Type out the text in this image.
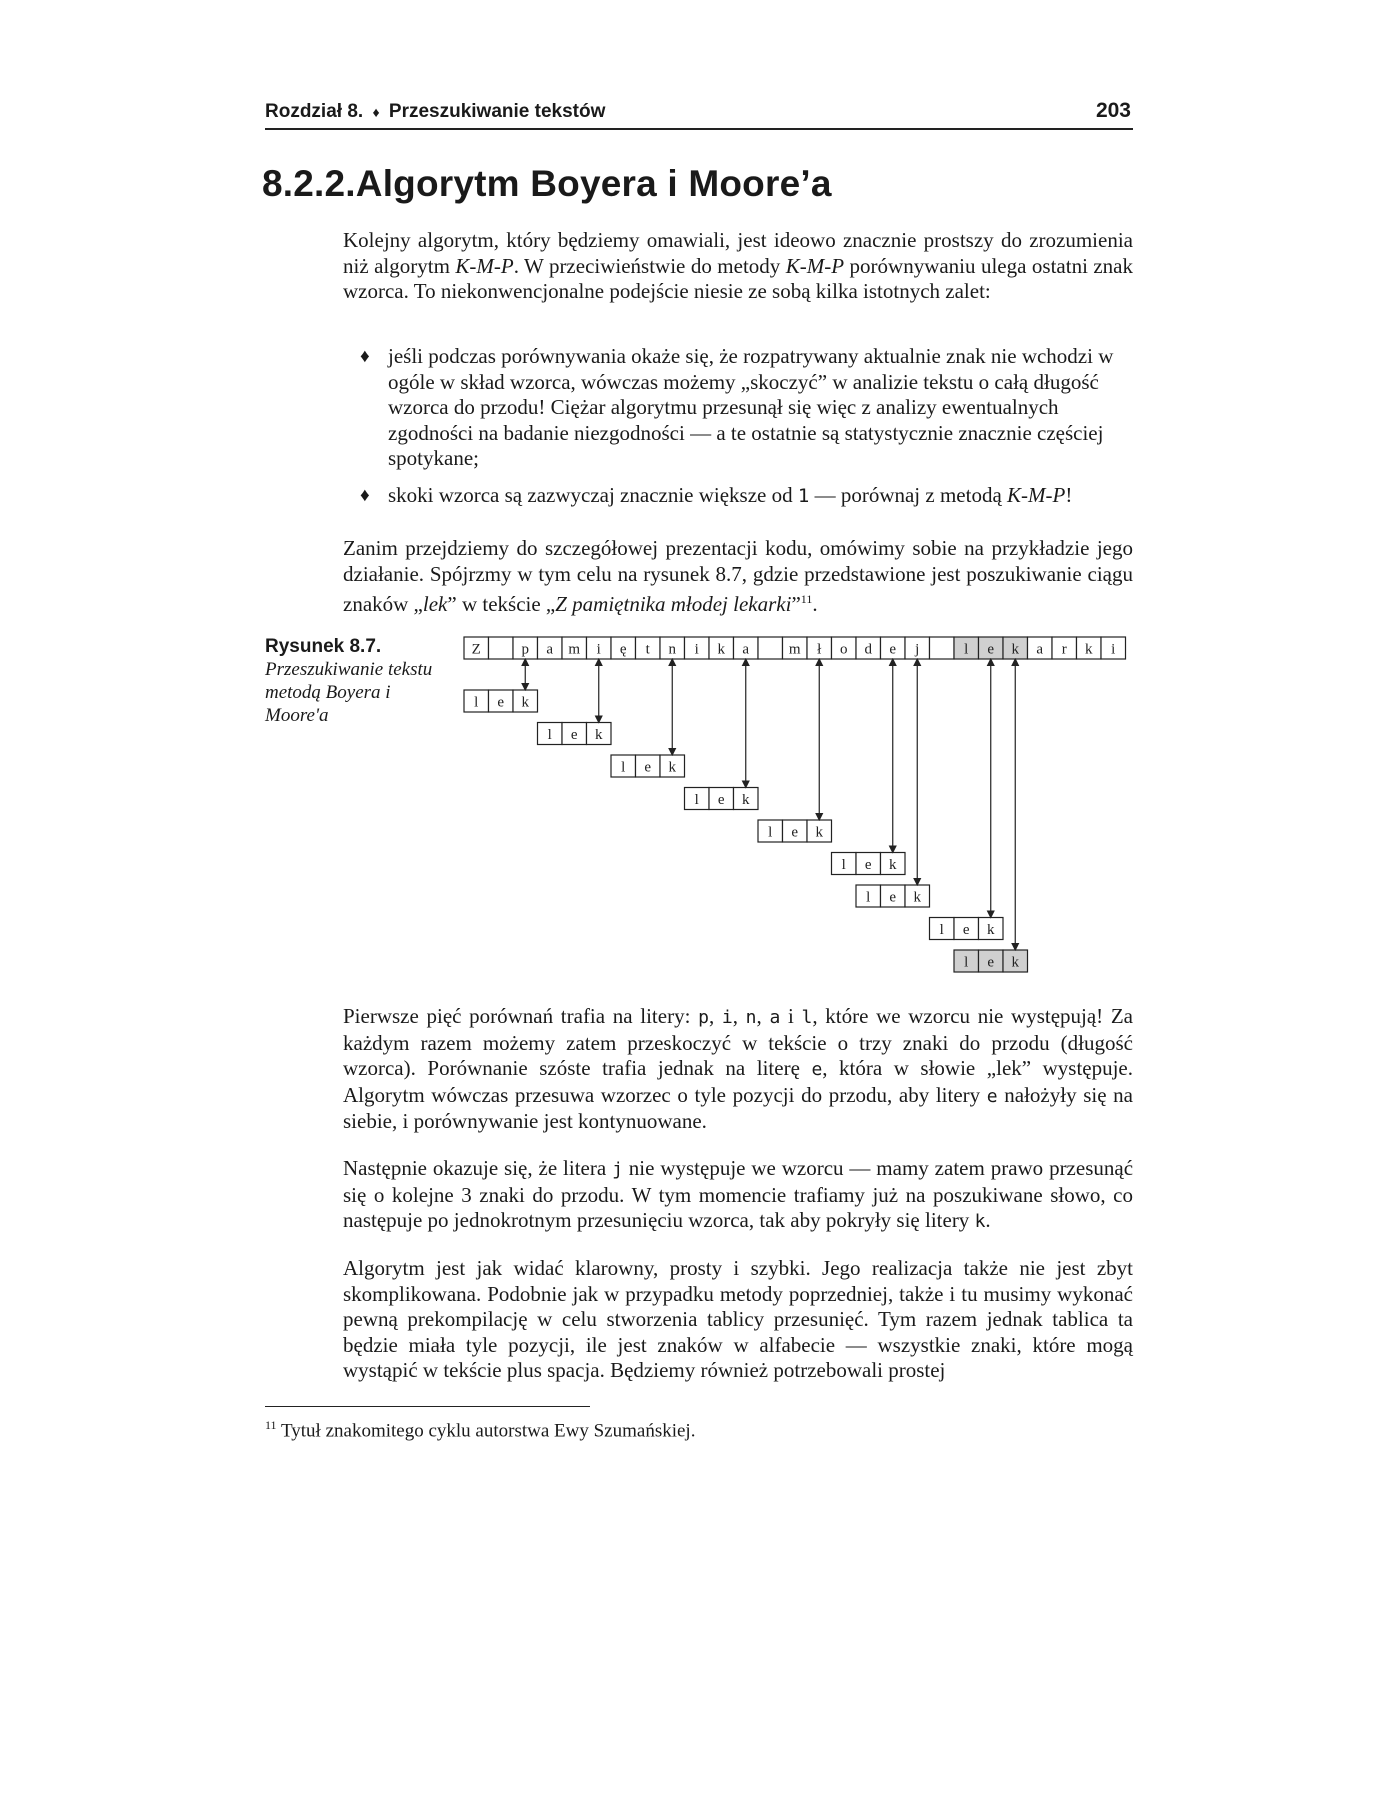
Rozdział 8. ♦ Przeszukiwanie tekstów	203
8.2.2.Algorytm Boyera i Moore’a

Kolejny algorytm, który będziemy omawiali, jest ideowo znacznie prostszy do zrozumienia niż algorytm K-M-P. W przeciwieństwie do metody K-M-P porównywaniu ulega ostatni znak wzorca. To niekonwencjonalne podejście niesie ze sobą kilka istotnych zalet:

♦ jeśli podczas porównywania okaże się, że rozpatrywany aktualnie znak nie wchodzi w ogóle w skład wzorca, wówczas możemy „skoczyć” w analizie tekstu o całą długość wzorca do przodu! Ciężar algorytmu przesunął się więc z analizy ewentualnych zgodności na badanie niezgodności — a te ostatnie są statystycznie znacznie częściej spotykane;
♦ skoki wzorca są zazwyczaj znacznie większe od 1 — porównaj z metodą K-M-P!

Zanim przejdziemy do szczegółowej prezentacji kodu, omówimy sobie na przykładzie jego działanie. Spójrzmy w tym celu na rysunek 8.7, gdzie przedstawione jest poszukiwanie ciągu znaków „lek” w tekście „Z pamiętnika młodej lekarki”$^{11}$.

Rysunek 8.7.
Przeszukiwanie tekstu metodą Boyera i Moore'a
Z	p a m i ę t n i k a	m ł o d e j	l e k a r k i
l e k
l e k
l e k
l e k
l e k
l e k
l e k
l e k
l e k

Pierwsze pięć porównań trafia na litery: p, i, n, a i l, które we wzorcu nie występują! Za każdym razem możemy zatem przeskoczyć w tekście o trzy znaki do przodu (długość wzorca). Porównanie szóste trafia jednak na literę e, która w słowie „lek” występuje. Algorytm wówczas przesuwa wzorzec o tyle pozycji do przodu, aby litery e nałożyły się na siebie, i porównywanie jest kontynuowane.

Następnie okazuje się, że litera j nie występuje we wzorcu — mamy zatem prawo przesunąć się o kolejne 3 znaki do przodu. W tym momencie trafiamy już na poszukiwane słowo, co następuje po jednokrotnym przesunięciu wzorca, tak aby pokryły się litery k.

Algorytm jest jak widać klarowny, prosty i szybki. Jego realizacja także nie jest zbyt skomplikowana. Podobnie jak w przypadku metody poprzedniej, także i tu musimy wykonać pewną prekompilację w celu stworzenia tablicy przesunięć. Tym razem jednak tablica ta będzie miała tyle pozycji, ile jest znaków w alfabecie — wszystkie znaki, które mogą wystąpić w tekście plus spacja. Będziemy również potrzebowali prostej

$^{11}$ Tytuł znakomitego cyklu autorstwa Ewy Szumańskiej.
